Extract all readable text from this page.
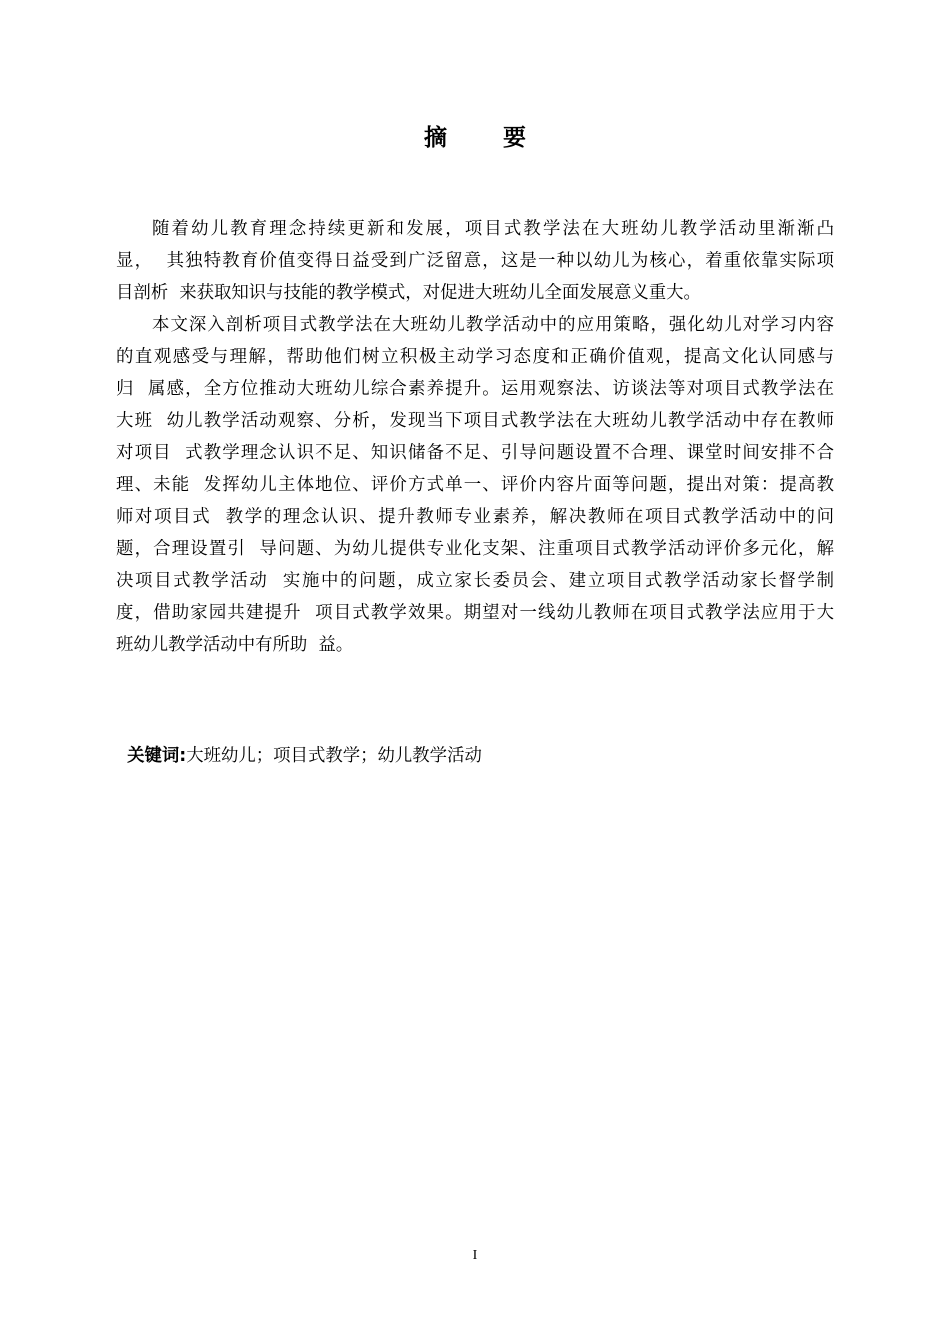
摘 要
随着幼儿教育理念持续更新和发展，项目式教学法在大班幼儿教学活动里渐渐凸
显，  其独特教育价值变得日益受到广泛留意，这是一种以幼儿为核心，着重依靠实际项
目剖析  来获取知识与技能的教学模式，对促进大班幼儿全面发展意义重大。
本文深入剖析项目式教学法在大班幼儿教学活动中的应用策略，强化幼儿对学习内容
的直观感受与理解，帮助他们树立积极主动学习态度和正确价值观，提高文化认同感与
归  属感，全方位推动大班幼儿综合素养提升。运用观察法、访谈法等对项目式教学法在
大班  幼儿教学活动观察、分析，发现当下项目式教学法在大班幼儿教学活动中存在教师
对项目  式教学理念认识不足、知识储备不足、引导问题设置不合理、课堂时间安排不合
理、未能  发挥幼儿主体地位、评价方式单一、评价内容片面等问题，提出对策：提高教
师对项目式  教学的理念认识、提升教师专业素养，解决教师在项目式教学活动中的问
题，合理设置引  导问题、为幼儿提供专业化支架、注重项目式教学活动评价多元化，解
决项目式教学活动  实施中的问题，成立家长委员会、建立项目式教学活动家长督学制
度，借助家园共建提升  项目式教学效果。期望对一线幼儿教师在项目式教学法应用于大
班幼儿教学活动中有所助  益。

关键词:大班幼儿；项目式教学；幼儿教学活动

I
